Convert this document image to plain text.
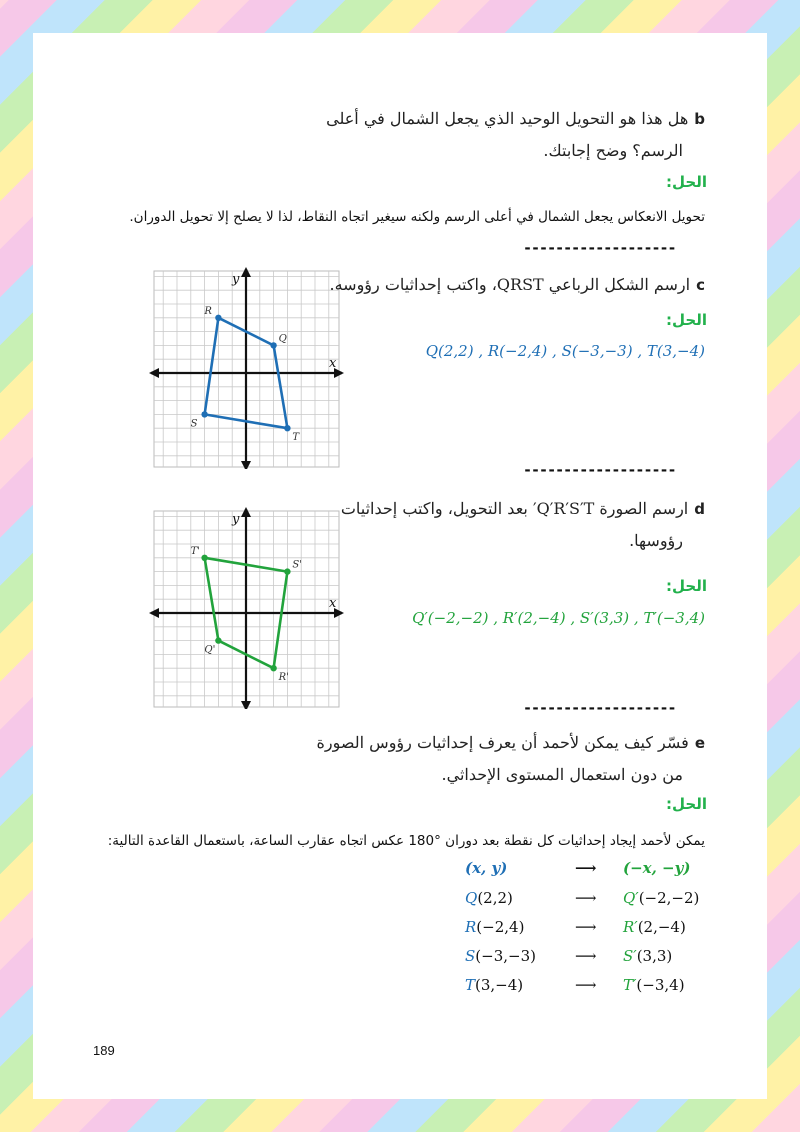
bهل هذا هو التحويل الوحيد الذي يجعل الشمال في أعلى
الرسم؟ وضح إجابتك.
الحل:
تحويل الانعكاس يجعل الشمال في أعلى الرسم ولكنه سيغير اتجاه النقاط، لذا لا يصلح إلا تحويل الدوران.
-------------------
x
y
Q
R
S
T
cارسم الشكل الرباعي QRST، واكتب إحداثيات رؤوسه.
الحل:
Q(2,2) , R(−2,4) , S(−3,−3) , T(3,−4)
-------------------
x
y
T'
S'
R'
Q'
dارسم الصورة Q′R′S′T′ بعد التحويل، واكتب إحداثيات
رؤوسها.
الحل:
Q′(−2,−2) , R′(2,−4) , S′(3,3) , T′(−3,4)
-------------------
eفسّر كيف يمكن لأحمد أن يعرف إحداثيات رؤوس الصورة
من دون استعمال المستوى الإحداثي.
الحل:
يمكن لأحمد إيجاد إحداثيات كل نقطة بعد دوران °180 عكس اتجاه عقارب الساعة، باستعمال القاعدة التالية:
(x, y)	⟶ (−x, −y)
Q(2,2)	⟶ Q′(−2,−2)
R(−2,4)	⟶ R′(2,−4)
S(−3,−3)	⟶ S′(3,3)
T(3,−4)	⟶ T′(−3,4)
189
